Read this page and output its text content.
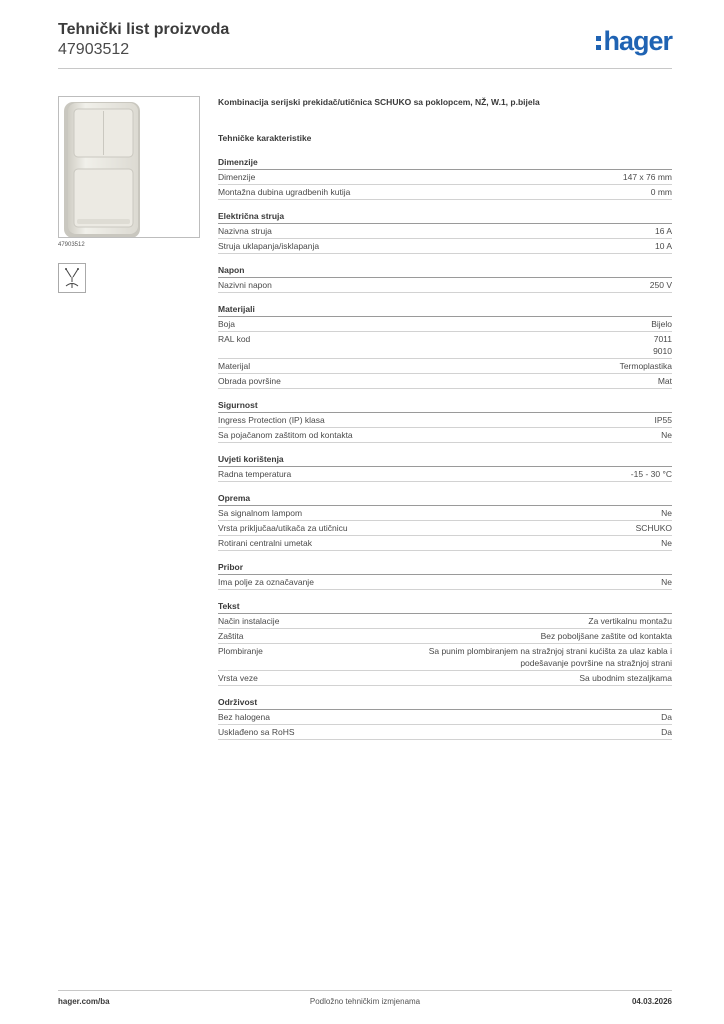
Tehnički list proizvoda
47903512	hager
47903512
Kombinacija serijski prekidač/utičnica SCHUKO sa poklopcem, NŽ, W.1, p.bijela
Tehničke karakteristike
Dimenzije
Dimenzije	147 x 76 mm
Montažna dubina ugradbenih kutija	0 mm
Električna struja
Nazivna struja	16 A
Struja uklapanja/isklapanja	10 A
Napon
Nazivni napon	250 V
Materijali
Boja	Bijelo
RAL kod	7011
9010
Materijal	Termoplastika
Obrada površine	Mat
Sigurnost
Ingress Protection (IP) klasa	IP55
Sa pojačanom zaštitom od kontakta	Ne
Uvjeti korištenja
Radna temperatura	-15 - 30 °C
Oprema
Sa signalnom lampom	Ne
Vrsta priključaa/utikača za utičnicu	SCHUKO
Rotirani centralni umetak	Ne
Pribor
Ima polje za označavanje	Ne
Tekst
Način instalacije	Za vertikalnu montažu
Zaštita	Bez poboljšane zaštite od kontakta
Plombiranje	Sa punim plombiranjem na stražnjoj strani kućišta za ulaz kabla i
podešavanje površine na stražnjoj strani
Vrsta veze	Sa ubodnim stezaljkama
Održivost
Bez halogena	Da
Usklađeno sa RoHS	Da
hager.com/ba	Podložno tehničkim izmjenama	04.03.2026
